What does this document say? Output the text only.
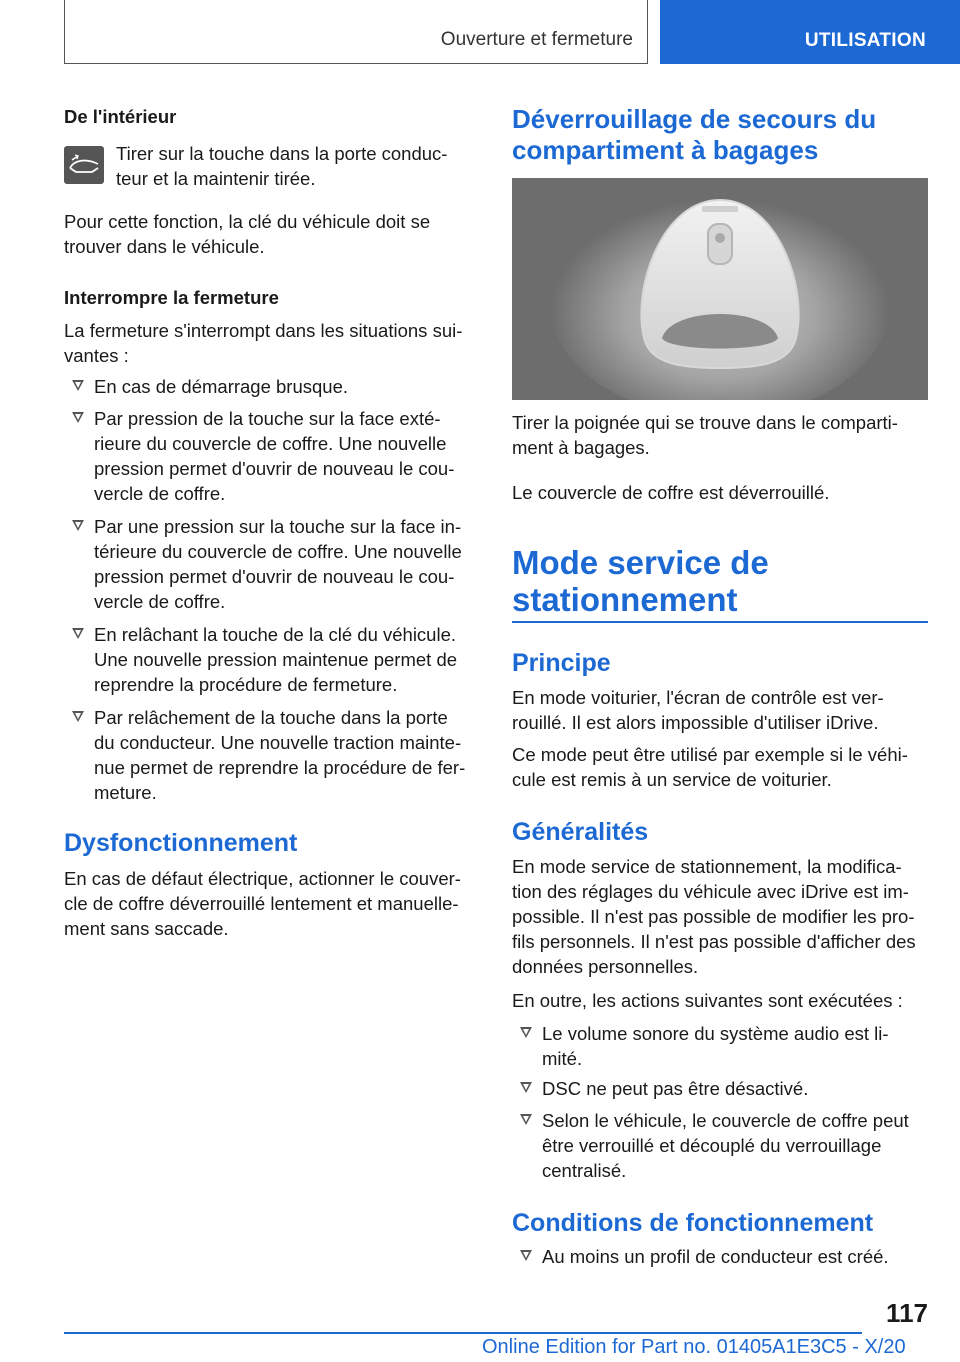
Ouverture et fermeture	UTILISATION
De l'intérieur

Tirer sur la touche dans la porte conduc-

teur et la maintenir tirée.

Pour cette fonction, la clé du véhicule doit se

trouver dans le véhicule.

Interrompre la fermeture

La fermeture s'interrompt dans les situations sui-

vantes :

En cas de démarrage brusque.

Par pression de la touche sur la face exté-

rieure du couvercle de coffre. Une nouvelle

pression permet d'ouvrir de nouveau le cou-

vercle de coffre.

Par une pression sur la touche sur la face in-

térieure du couvercle de coffre. Une nouvelle

pression permet d'ouvrir de nouveau le cou-

vercle de coffre.

En relâchant la touche de la clé du véhicule.

Une nouvelle pression maintenue permet de

reprendre la procédure de fermeture.

Par relâchement de la touche dans la porte

du conducteur. Une nouvelle traction mainte-

nue permet de reprendre la procédure de fer-

meture.

Dysfonctionnement

En cas de défaut électrique, actionner le couver-

cle de coffre déverrouillé lentement et manuelle-

ment sans saccade.

Déverrouillage de secours du
compartiment à bagages

Tirer la poignée qui se trouve dans le comparti-

ment à bagages.

Le couvercle de coffre est déverrouillé.

Mode service de
stationnement
Principe

En mode voiturier, l'écran de contrôle est ver-

rouillé. Il est alors impossible d'utiliser iDrive.

Ce mode peut être utilisé par exemple si le véhi-

cule est remis à un service de voiturier.

Généralités

En mode service de stationnement, la modifica-

tion des réglages du véhicule avec iDrive est im-

possible. Il n'est pas possible de modifier les pro-

fils personnels. Il n'est pas possible d'afficher des

données personnelles.

En outre, les actions suivantes sont exécutées :

Le volume sonore du système audio est li-

mité.

DSC ne peut pas être désactivé.

Selon le véhicule, le couvercle de coffre peut

être verrouillé et découplé du verrouillage

centralisé.

Conditions de fonctionnement

Au moins un profil de conducteur est créé.

117
Online Edition for Part no. 01405A1E3C5 - X/20
